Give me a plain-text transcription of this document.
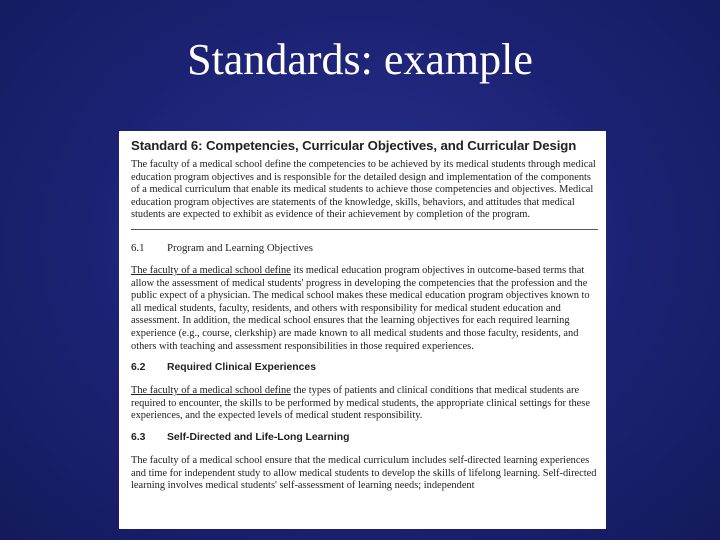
Standards: example
Standard 6: Competencies, Curricular Objectives, and Curricular Design

The faculty of a medical school define the competencies to be achieved by its medical students through medical education program objectives and is responsible for the detailed design and implementation of the components of a medical curriculum that enable its medical students to achieve those competencies and objectives. Medical education program objectives are statements of the knowledge, skills, behaviors, and attitudes that medical students are expected to exhibit as evidence of their achievement by completion of the program.

6.1	Program and Learning Objectives

The faculty of a medical school define its medical education program objectives in outcome-based terms that allow the assessment of medical students' progress in developing the competencies that the profession and the public expect of a physician. The medical school makes these medical education program objectives known to all medical students, faculty, residents, and others with responsibility for medical student education and assessment. In addition, the medical school ensures that the learning objectives for each required learning experience (e.g., course, clerkship) are made known to all medical students and those faculty, residents, and others with teaching and assessment responsibilities in those required experiences.

6.2	Required Clinical Experiences

The faculty of a medical school define the types of patients and clinical conditions that medical students are required to encounter, the skills to be performed by medical students, the appropriate clinical settings for these experiences, and the expected levels of medical student responsibility.

6.3	Self-Directed and Life-Long Learning

The faculty of a medical school ensure that the medical curriculum includes self-directed learning experiences and time for independent study to allow medical students to develop the skills of lifelong learning. Self-directed learning involves medical students' self-assessment of learning needs; independent
